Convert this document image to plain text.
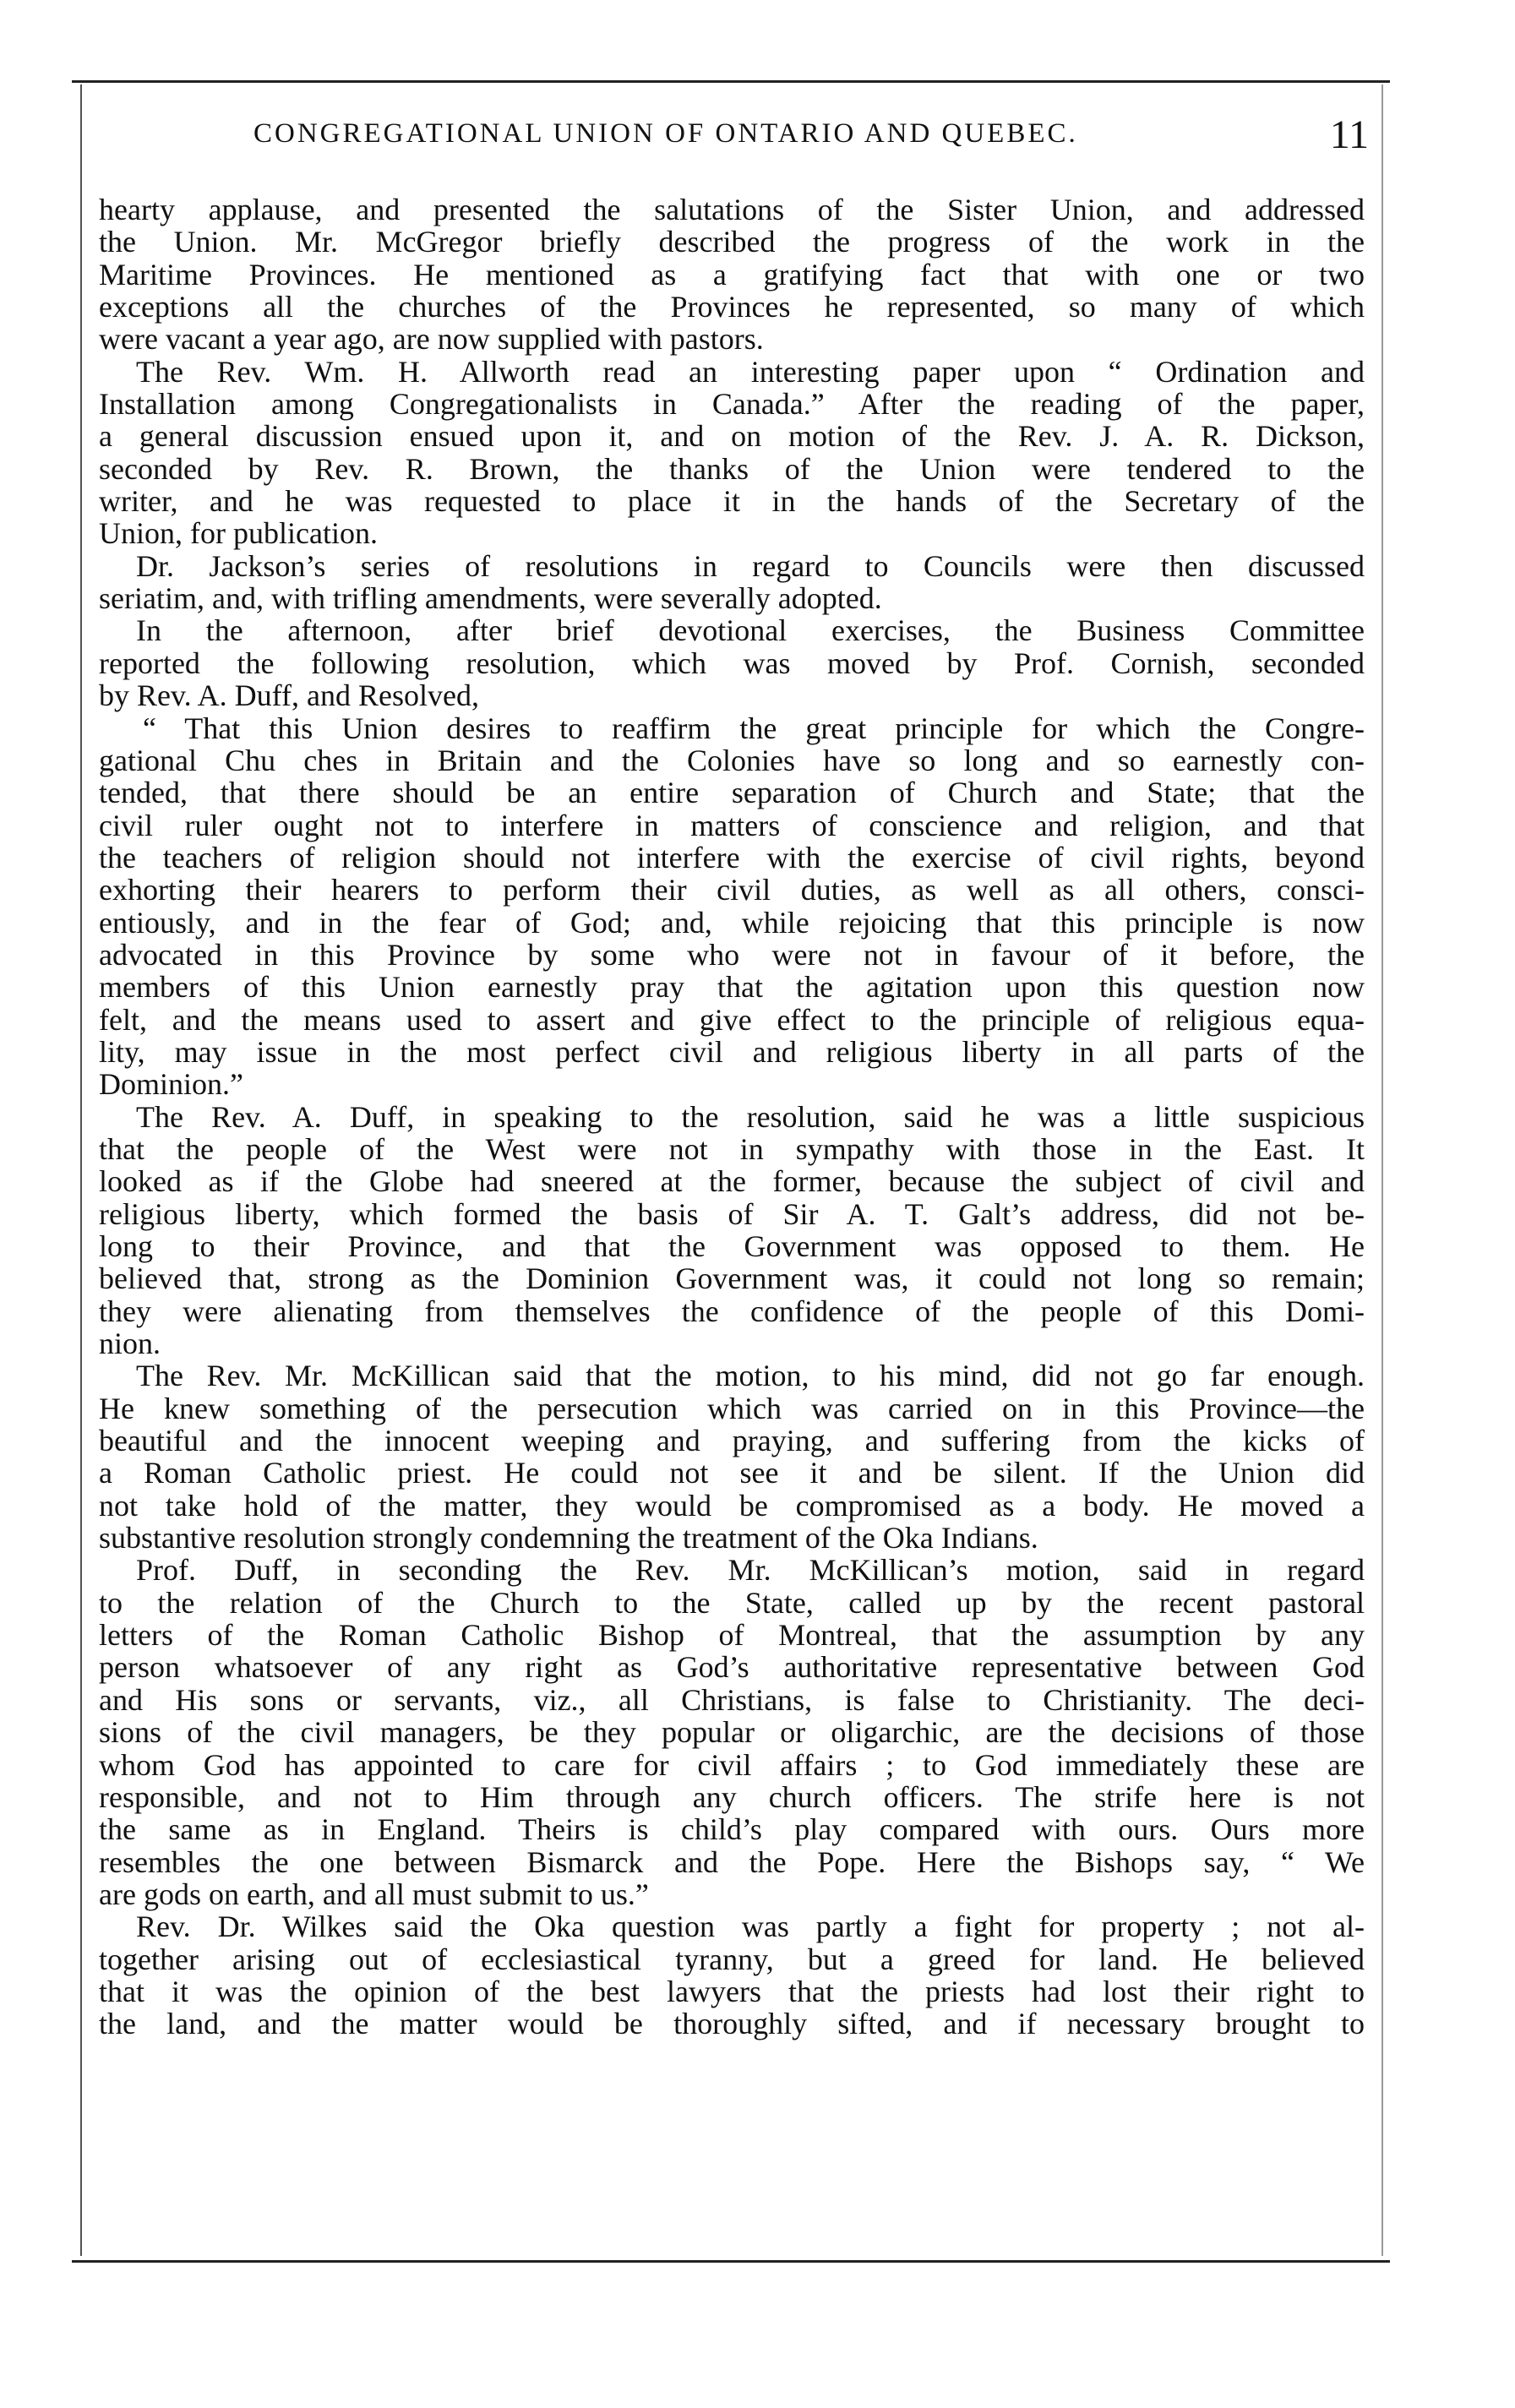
CONGREGATIONAL UNION OF ONTARIO AND QUEBEC.	11
hearty applause, and presented the salutations of the Sister Union, and addressed
the Union. Mr. McGregor briefly described the progress of the work in the
Maritime Provinces. He mentioned as a gratifying fact that with one or two
exceptions all the churches of the Provinces he represented, so many of which
were vacant a year ago, are now supplied with pastors.
The Rev. Wm. H. Allworth read an interesting paper upon “ Ordination and
Installation among Congregationalists in Canada.” After the reading of the paper,
a general discussion ensued upon it, and on motion of the Rev. J. A. R. Dickson,
seconded by Rev. R. Brown, the thanks of the Union were tendered to the
writer, and he was requested to place it in the hands of the Secretary of the
Union, for publication.
Dr. Jackson’s series of resolutions in regard to Councils were then discussed
seriatim, and, with trifling amendments, were severally adopted.
In the afternoon, after brief devotional exercises, the Business Committee
reported the following resolution, which was moved by Prof. Cornish, seconded
by Rev. A. Duff, and Resolved,
“ That this Union desires to reaffirm the great principle for which the Congre-
gational Chu ches in Britain and the Colonies have so long and so earnestly con-
tended, that there should be an entire separation of Church and State; that the
civil ruler ought not to interfere in matters of conscience and religion, and that
the teachers of religion should not interfere with the exercise of civil rights, beyond
exhorting their hearers to perform their civil duties, as well as all others, consci-
entiously, and in the fear of God; and, while rejoicing that this principle is now
advocated in this Province by some who were not in favour of it before, the
members of this Union earnestly pray that the agitation upon this question now
felt, and the means used to assert and give effect to the principle of religious equa-
lity, may issue in the most perfect civil and religious liberty in all parts of the
Dominion.”
The Rev. A. Duff, in speaking to the resolution, said he was a little suspicious
that the people of the West were not in sympathy with those in the East. It
looked as if the Globe had sneered at the former, because the subject of civil and
religious liberty, which formed the basis of Sir A. T. Galt’s address, did not be-
long to their Province, and that the Government was opposed to them. He
believed that, strong as the Dominion Government was, it could not long so remain;
they were alienating from themselves the confidence of the people of this Domi-
nion.
The Rev. Mr. McKillican said that the motion, to his mind, did not go far enough.
He knew something of the persecution which was carried on in this Province—the
beautiful and the innocent weeping and praying, and suffering from the kicks of
a Roman Catholic priest. He could not see it and be silent. If the Union did
not take hold of the matter, they would be compromised as a body. He moved a
substantive resolution strongly condemning the treatment of the Oka Indians.
Prof. Duff, in seconding the Rev. Mr. McKillican’s motion, said in regard
to the relation of the Church to the State, called up by the recent pastoral
letters of the Roman Catholic Bishop of Montreal, that the assumption by any
person whatsoever of any right as God’s authoritative representative between God
and His sons or servants, viz., all Christians, is false to Christianity. The deci-
sions of the civil managers, be they popular or oligarchic, are the decisions of those
whom God has appointed to care for civil affairs ; to God immediately these are
responsible, and not to Him through any church officers. The strife here is not
the same as in England. Theirs is child’s play compared with ours. Ours more
resembles the one between Bismarck and the Pope. Here the Bishops say, “ We
are gods on earth, and all must submit to us.”
Rev. Dr. Wilkes said the Oka question was partly a fight for property ; not al-
together arising out of ecclesiastical tyranny, but a greed for land. He believed
that it was the opinion of the best lawyers that the priests had lost their right to
the land, and the matter would be thoroughly sifted, and if necessary brought to
